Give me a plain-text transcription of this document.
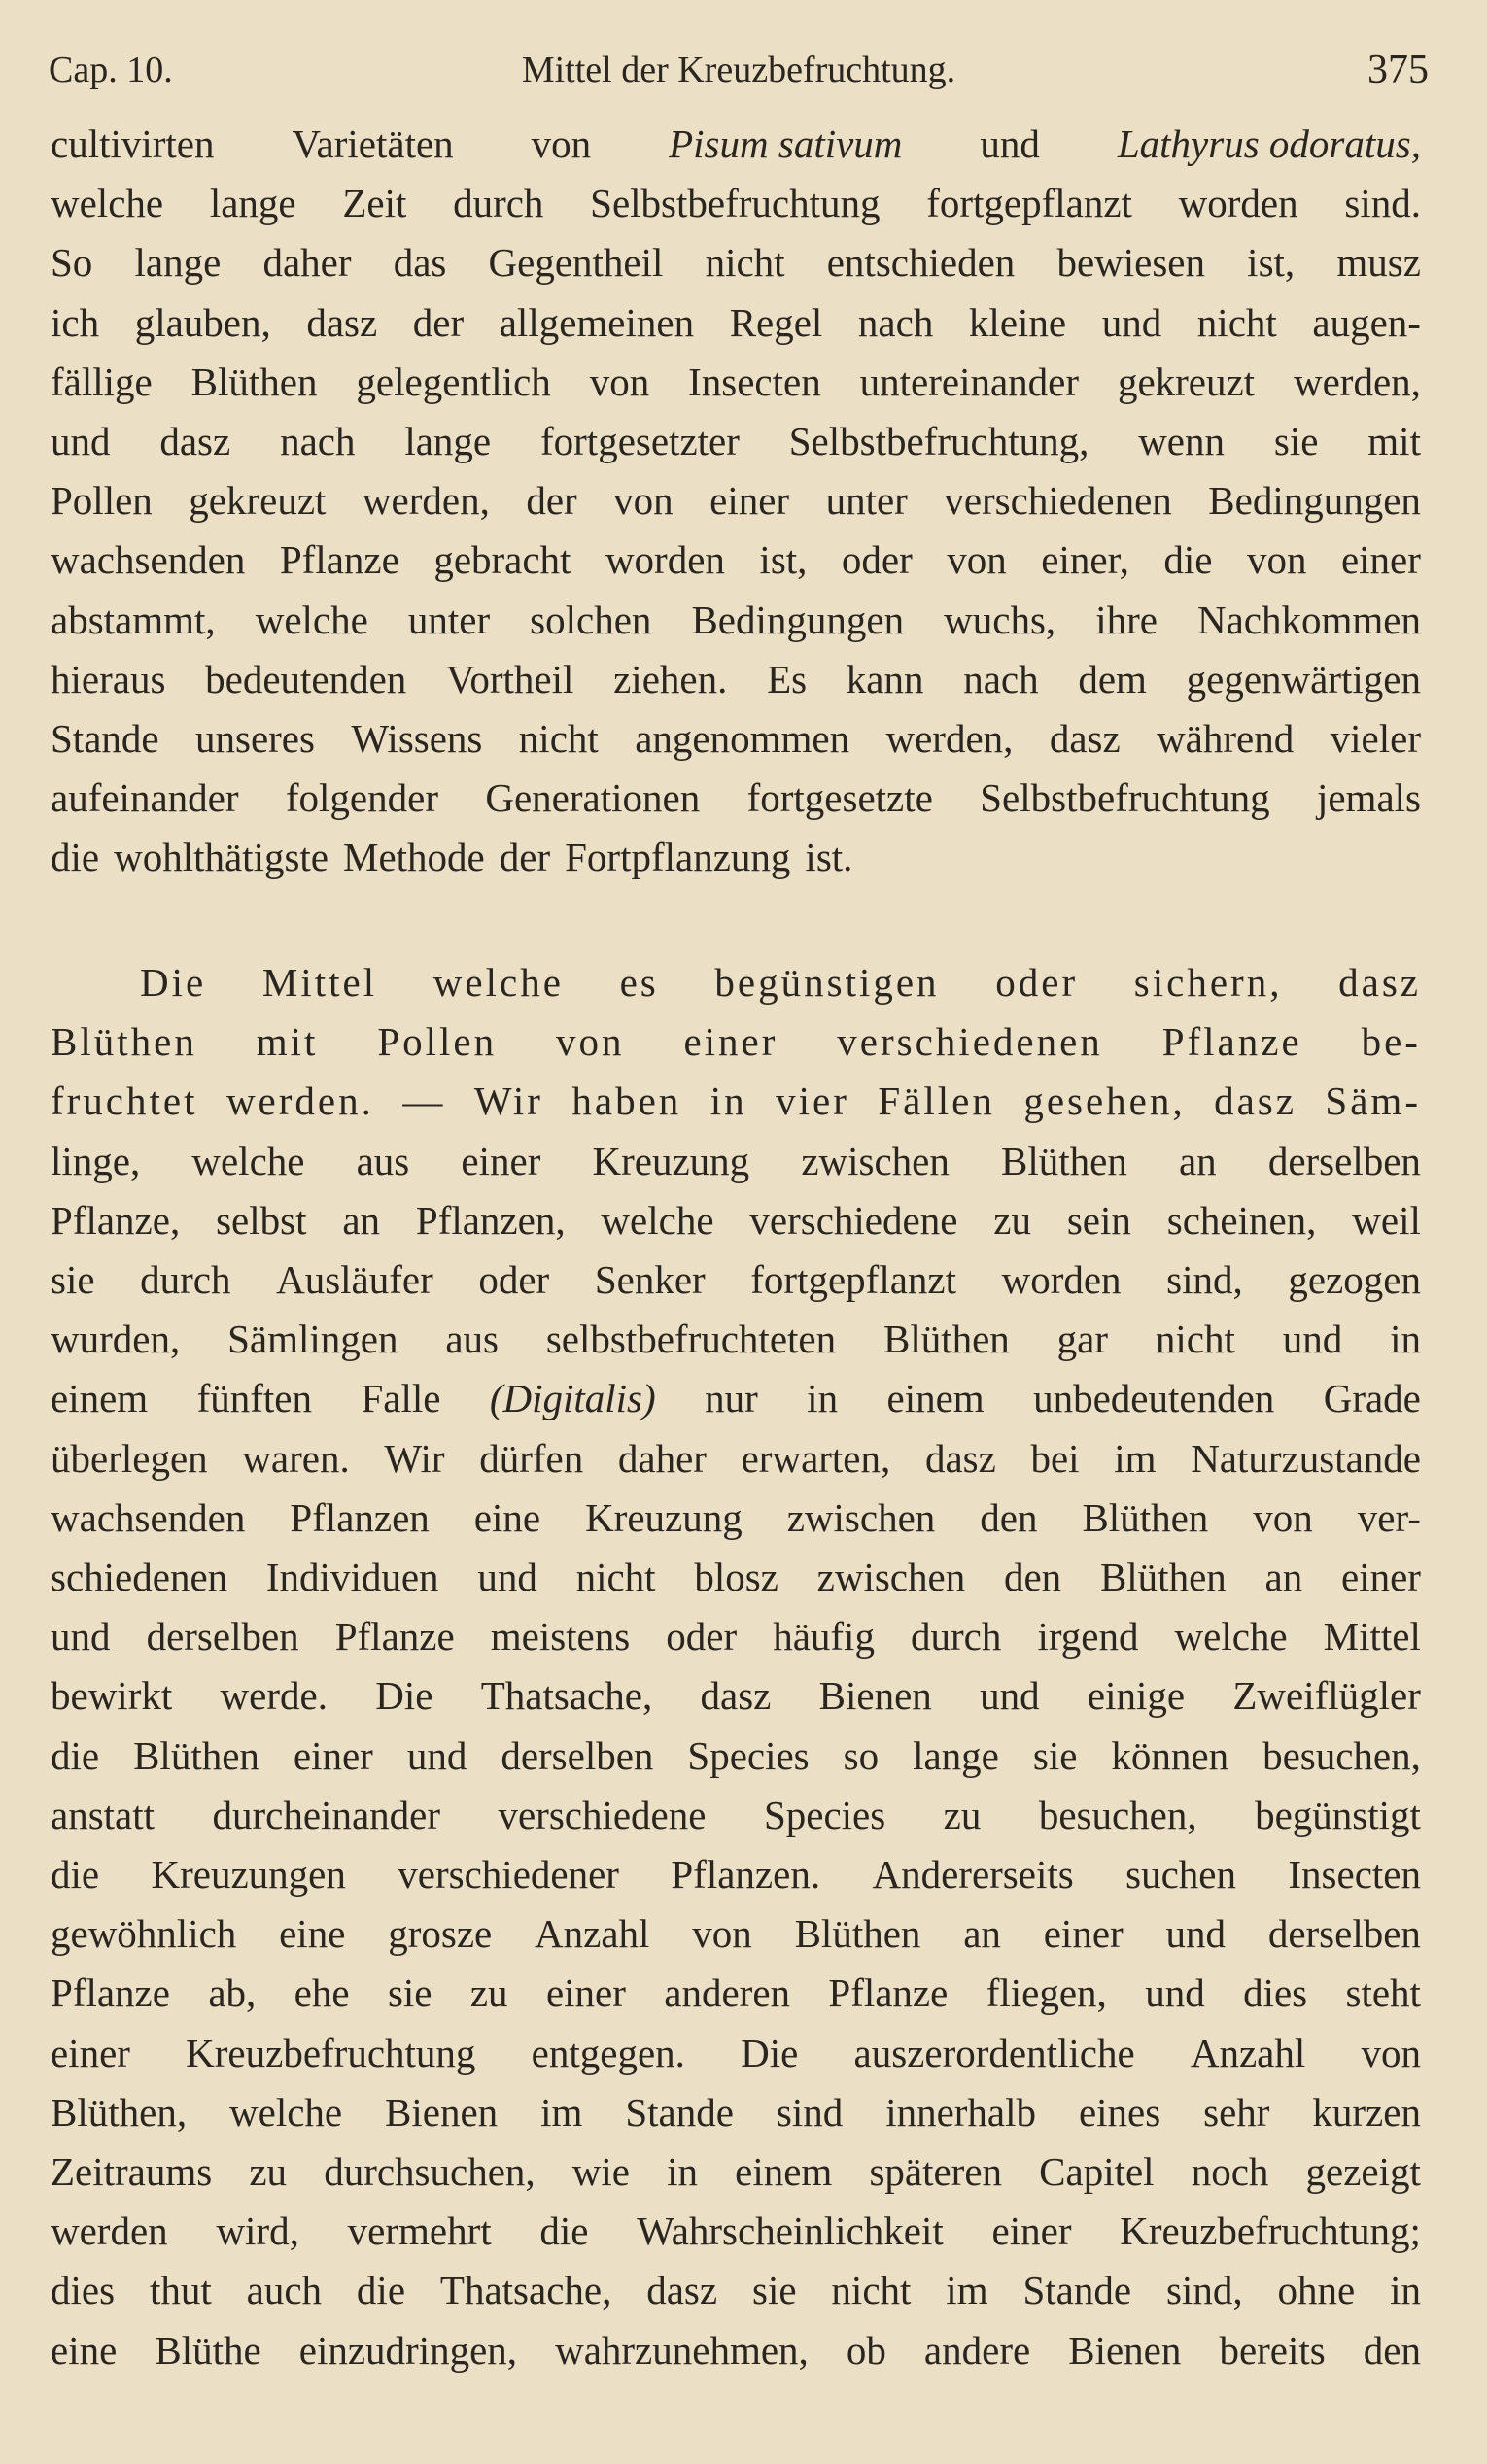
Cap. 10.	Mittel der Kreuzbefruchtung.	375
cultivirten Varietäten von Pisum sativum und Lathyrus odoratus,
welche lange Zeit durch Selbstbefruchtung fortgepflanzt worden sind.
So lange daher das Gegentheil nicht entschieden bewiesen ist, musz
ich glauben, dasz der allgemeinen Regel nach kleine und nicht augen-
fällige Blüthen gelegentlich von Insecten untereinander gekreuzt werden,
und dasz nach lange fortgesetzter Selbstbefruchtung, wenn sie mit
Pollen gekreuzt werden, der von einer unter verschiedenen Bedingungen
wachsenden Pflanze gebracht worden ist, oder von einer, die von einer
abstammt, welche unter solchen Bedingungen wuchs, ihre Nachkommen
hieraus bedeutenden Vortheil ziehen. Es kann nach dem gegenwärtigen
Stande unseres Wissens nicht angenommen werden, dasz während vieler
aufeinander folgender Generationen fortgesetzte Selbstbefruchtung jemals
die wohlthätigste Methode der Fortpflanzung ist.
Die Mittel welche es begünstigen oder sichern, dasz
Blüthen mit Pollen von einer verschiedenen Pflanze be-
fruchtet werden. — Wir haben in vier Fällen gesehen, dasz Säm-
linge, welche aus einer Kreuzung zwischen Blüthen an derselben
Pflanze, selbst an Pflanzen, welche verschiedene zu sein scheinen, weil
sie durch Ausläufer oder Senker fortgepflanzt worden sind, gezogen
wurden, Sämlingen aus selbstbefruchteten Blüthen gar nicht und in
einem fünften Falle (Digitalis) nur in einem unbedeutenden Grade
überlegen waren. Wir dürfen daher erwarten, dasz bei im Naturzustande
wachsenden Pflanzen eine Kreuzung zwischen den Blüthen von ver-
schiedenen Individuen und nicht blosz zwischen den Blüthen an einer
und derselben Pflanze meistens oder häufig durch irgend welche Mittel
bewirkt werde. Die Thatsache, dasz Bienen und einige Zweiflügler
die Blüthen einer und derselben Species so lange sie können besuchen,
anstatt durcheinander verschiedene Species zu besuchen, begünstigt
die Kreuzungen verschiedener Pflanzen. Andererseits suchen Insecten
gewöhnlich eine grosze Anzahl von Blüthen an einer und derselben
Pflanze ab, ehe sie zu einer anderen Pflanze fliegen, und dies steht
einer Kreuzbefruchtung entgegen. Die auszerordentliche Anzahl von
Blüthen, welche Bienen im Stande sind innerhalb eines sehr kurzen
Zeitraums zu durchsuchen, wie in einem späteren Capitel noch gezeigt
werden wird, vermehrt die Wahrscheinlichkeit einer Kreuzbefruchtung;
dies thut auch die Thatsache, dasz sie nicht im Stande sind, ohne in
eine Blüthe einzudringen, wahrzunehmen, ob andere Bienen bereits den
